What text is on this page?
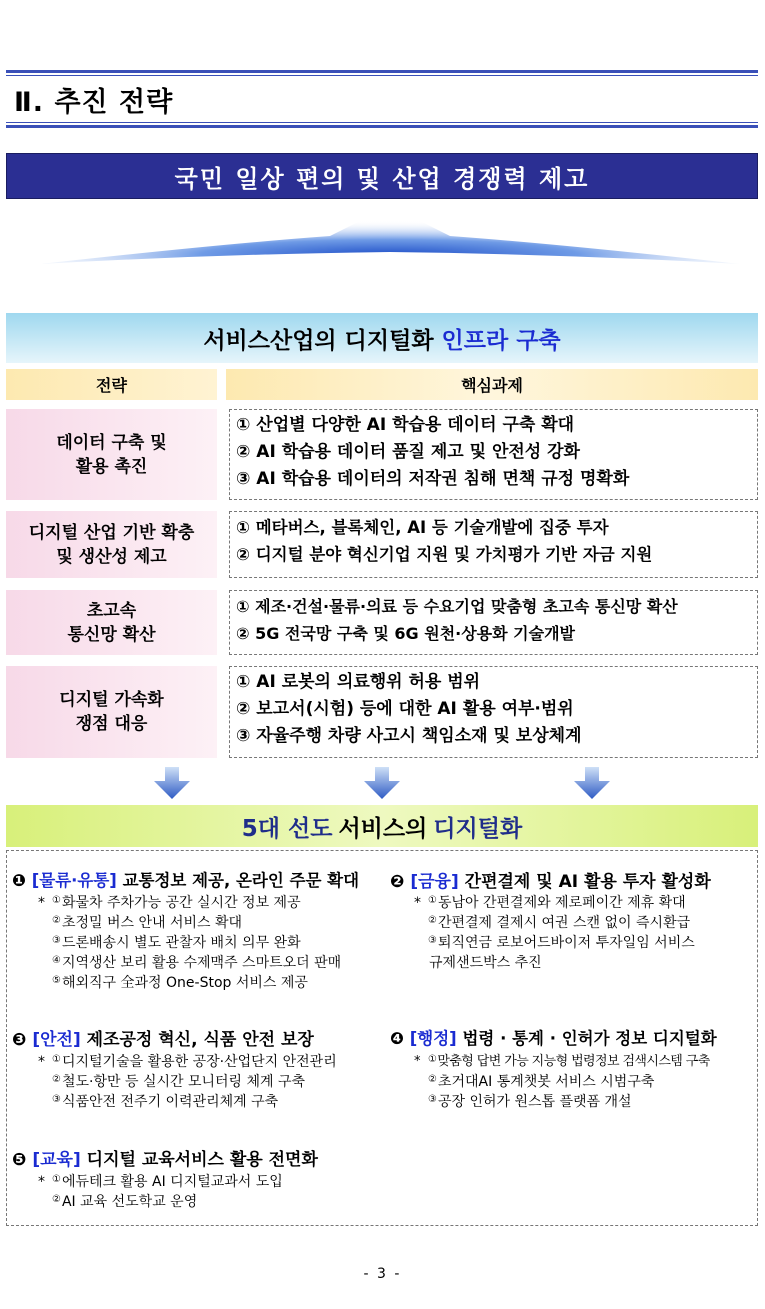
Ⅱ. 추진 전략
국민 일상 편의 및 산업 경쟁력 제고
서비스산업의 디지털화 인프라 구축
전략	핵심과제
데이터 구축 및
활용 촉진
① 산업별 다양한 AI 학습용 데이터 구축 확대
② AI 학습용 데이터 품질 제고 및 안전성 강화
③ AI 학습용 데이터의 저작권 침해 면책 규정 명확화
디지털 산업 기반 확충
및 생산성 제고
① 메타버스, 블록체인, AI 등 기술개발에 집중 투자
② 디지털 분야 혁신기업 지원 및 가치평가 기반 자금 지원
초고속
통신망 확산
① 제조·건설·물류·의료 등 수요기업 맞춤형 초고속 통신망 확산
② 5G 전국망 구축 및 6G 원천·상용화 기술개발
디지털 가속화
쟁점 대응
① AI 로봇의 의료행위 허용 범위
② 보고서(시험) 등에 대한 AI 활용 여부·범위
③ 자율주행 차량 사고시 책임소재 및 보상체계
5대 선도 서비스의 디지털화
❶ [물류·유통] 교통정보 제공, 온라인 주문 확대
* ①화물차 주차가능 공간 실시간 정보 제공
②초정밀 버스 안내 서비스 확대
③드론배송시 별도 관찰자 배치 의무 완화
④지역생산 보리 활용 수제맥주 스마트오더 판매
⑤해외직구 全과정 One-Stop 서비스 제공
❷ [금융] 간편결제 및 AI 활용 투자 활성화
* ①동남아 간편결제와 제로페이간 제휴 확대
②간편결제 결제시 여권 스캔 없이 즉시환급
③퇴직연금 로보어드바이저 투자일임 서비스
규제샌드박스 추진
❸ [안전] 제조공정 혁신, 식품 안전 보장
* ①디지털기술을 활용한 공장·산업단지 안전관리
②철도·항만 등 실시간 모니터링 체계 구축
③식품안전 전주기 이력관리체계 구축
❹ [행정] 법령 · 통계 · 인허가 정보 디지털화
* ①맞춤형 답변 가능 지능형 법령정보 검색시스템 구축
②초거대AI 통계챗봇 서비스 시범구축
③공장 인허가 원스톱 플랫폼 개설
❺ [교육] 디지털 교육서비스 활용 전면화
* ①에듀테크 활용 AI 디지털교과서 도입
②AI 교육 선도학교 운영
- 3 -
